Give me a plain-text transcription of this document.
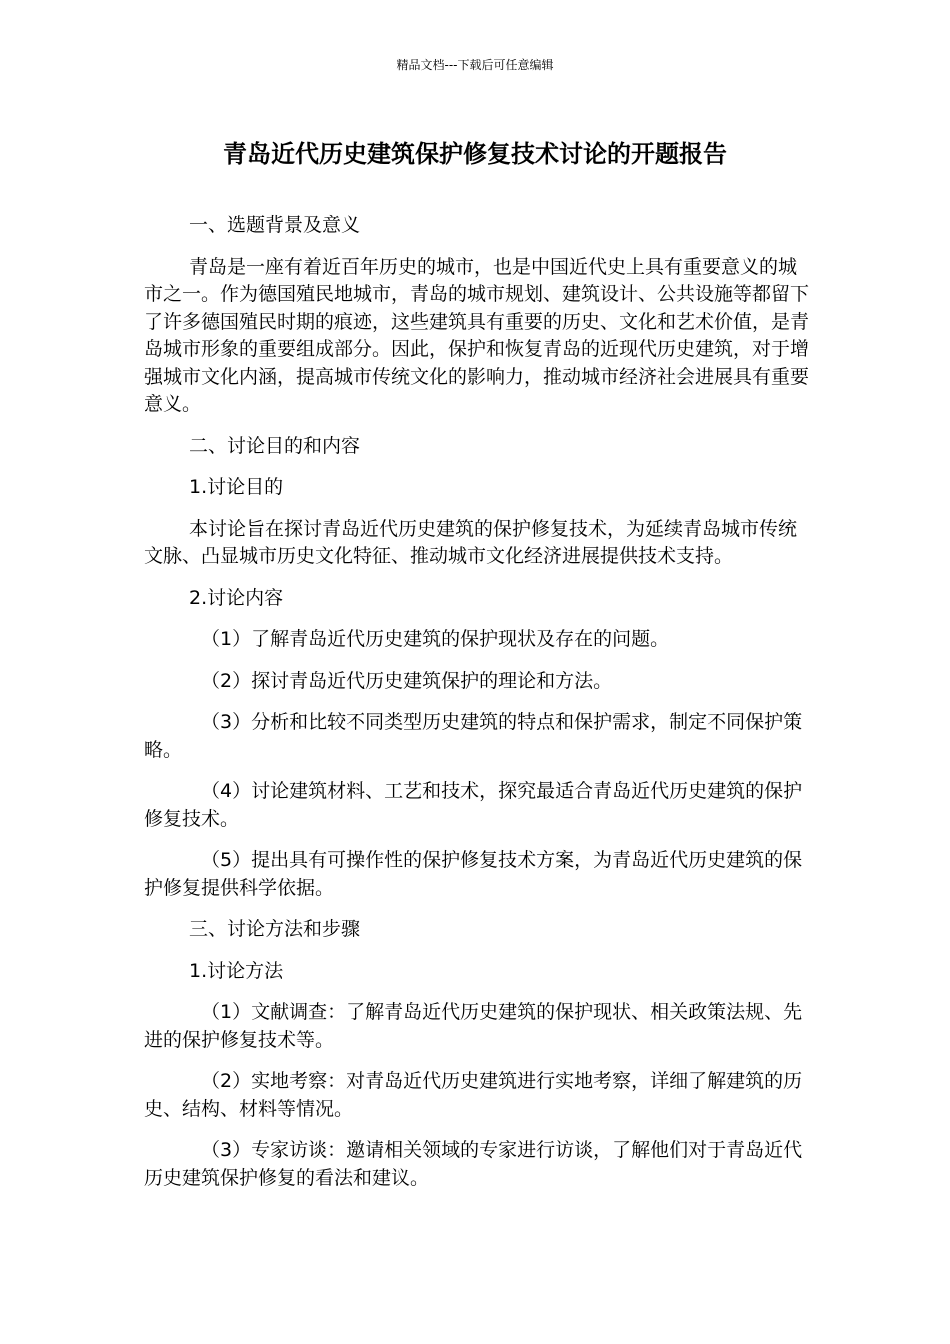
精品文档---下载后可任意编辑
青岛近代历史建筑保护修复技术讨论的开题报告

一、选题背景及意义

青岛是一座有着近百年历史的城市，也是中国近代史上具有重要意义的城市之一。作为德国殖民地城市，青岛的城市规划、建筑设计、公共设施等都留下了许多德国殖民时期的痕迹，这些建筑具有重要的历史、文化和艺术价值，是青岛城市形象的重要组成部分。因此，保护和恢复青岛的近现代历史建筑，对于增强城市文化内涵，提高城市传统文化的影响力，推动城市经济社会进展具有重要意义。

二、讨论目的和内容

1.讨论目的

本讨论旨在探讨青岛近代历史建筑的保护修复技术，为延续青岛城市传统文脉、凸显城市历史文化特征、推动城市文化经济进展提供技术支持。

2.讨论内容

（1）了解青岛近代历史建筑的保护现状及存在的问题。

（2）探讨青岛近代历史建筑保护的理论和方法。

（3）分析和比较不同类型历史建筑的特点和保护需求，制定不同保护策略。

（4）讨论建筑材料、工艺和技术，探究最适合青岛近代历史建筑的保护修复技术。

（5）提出具有可操作性的保护修复技术方案，为青岛近代历史建筑的保护修复提供科学依据。

三、讨论方法和步骤

1.讨论方法

（1）文献调查：了解青岛近代历史建筑的保护现状、相关政策法规、先进的保护修复技术等。

（2）实地考察：对青岛近代历史建筑进行实地考察，详细了解建筑的历史、结构、材料等情况。

（3）专家访谈：邀请相关领域的专家进行访谈，了解他们对于青岛近代历史建筑保护修复的看法和建议。
